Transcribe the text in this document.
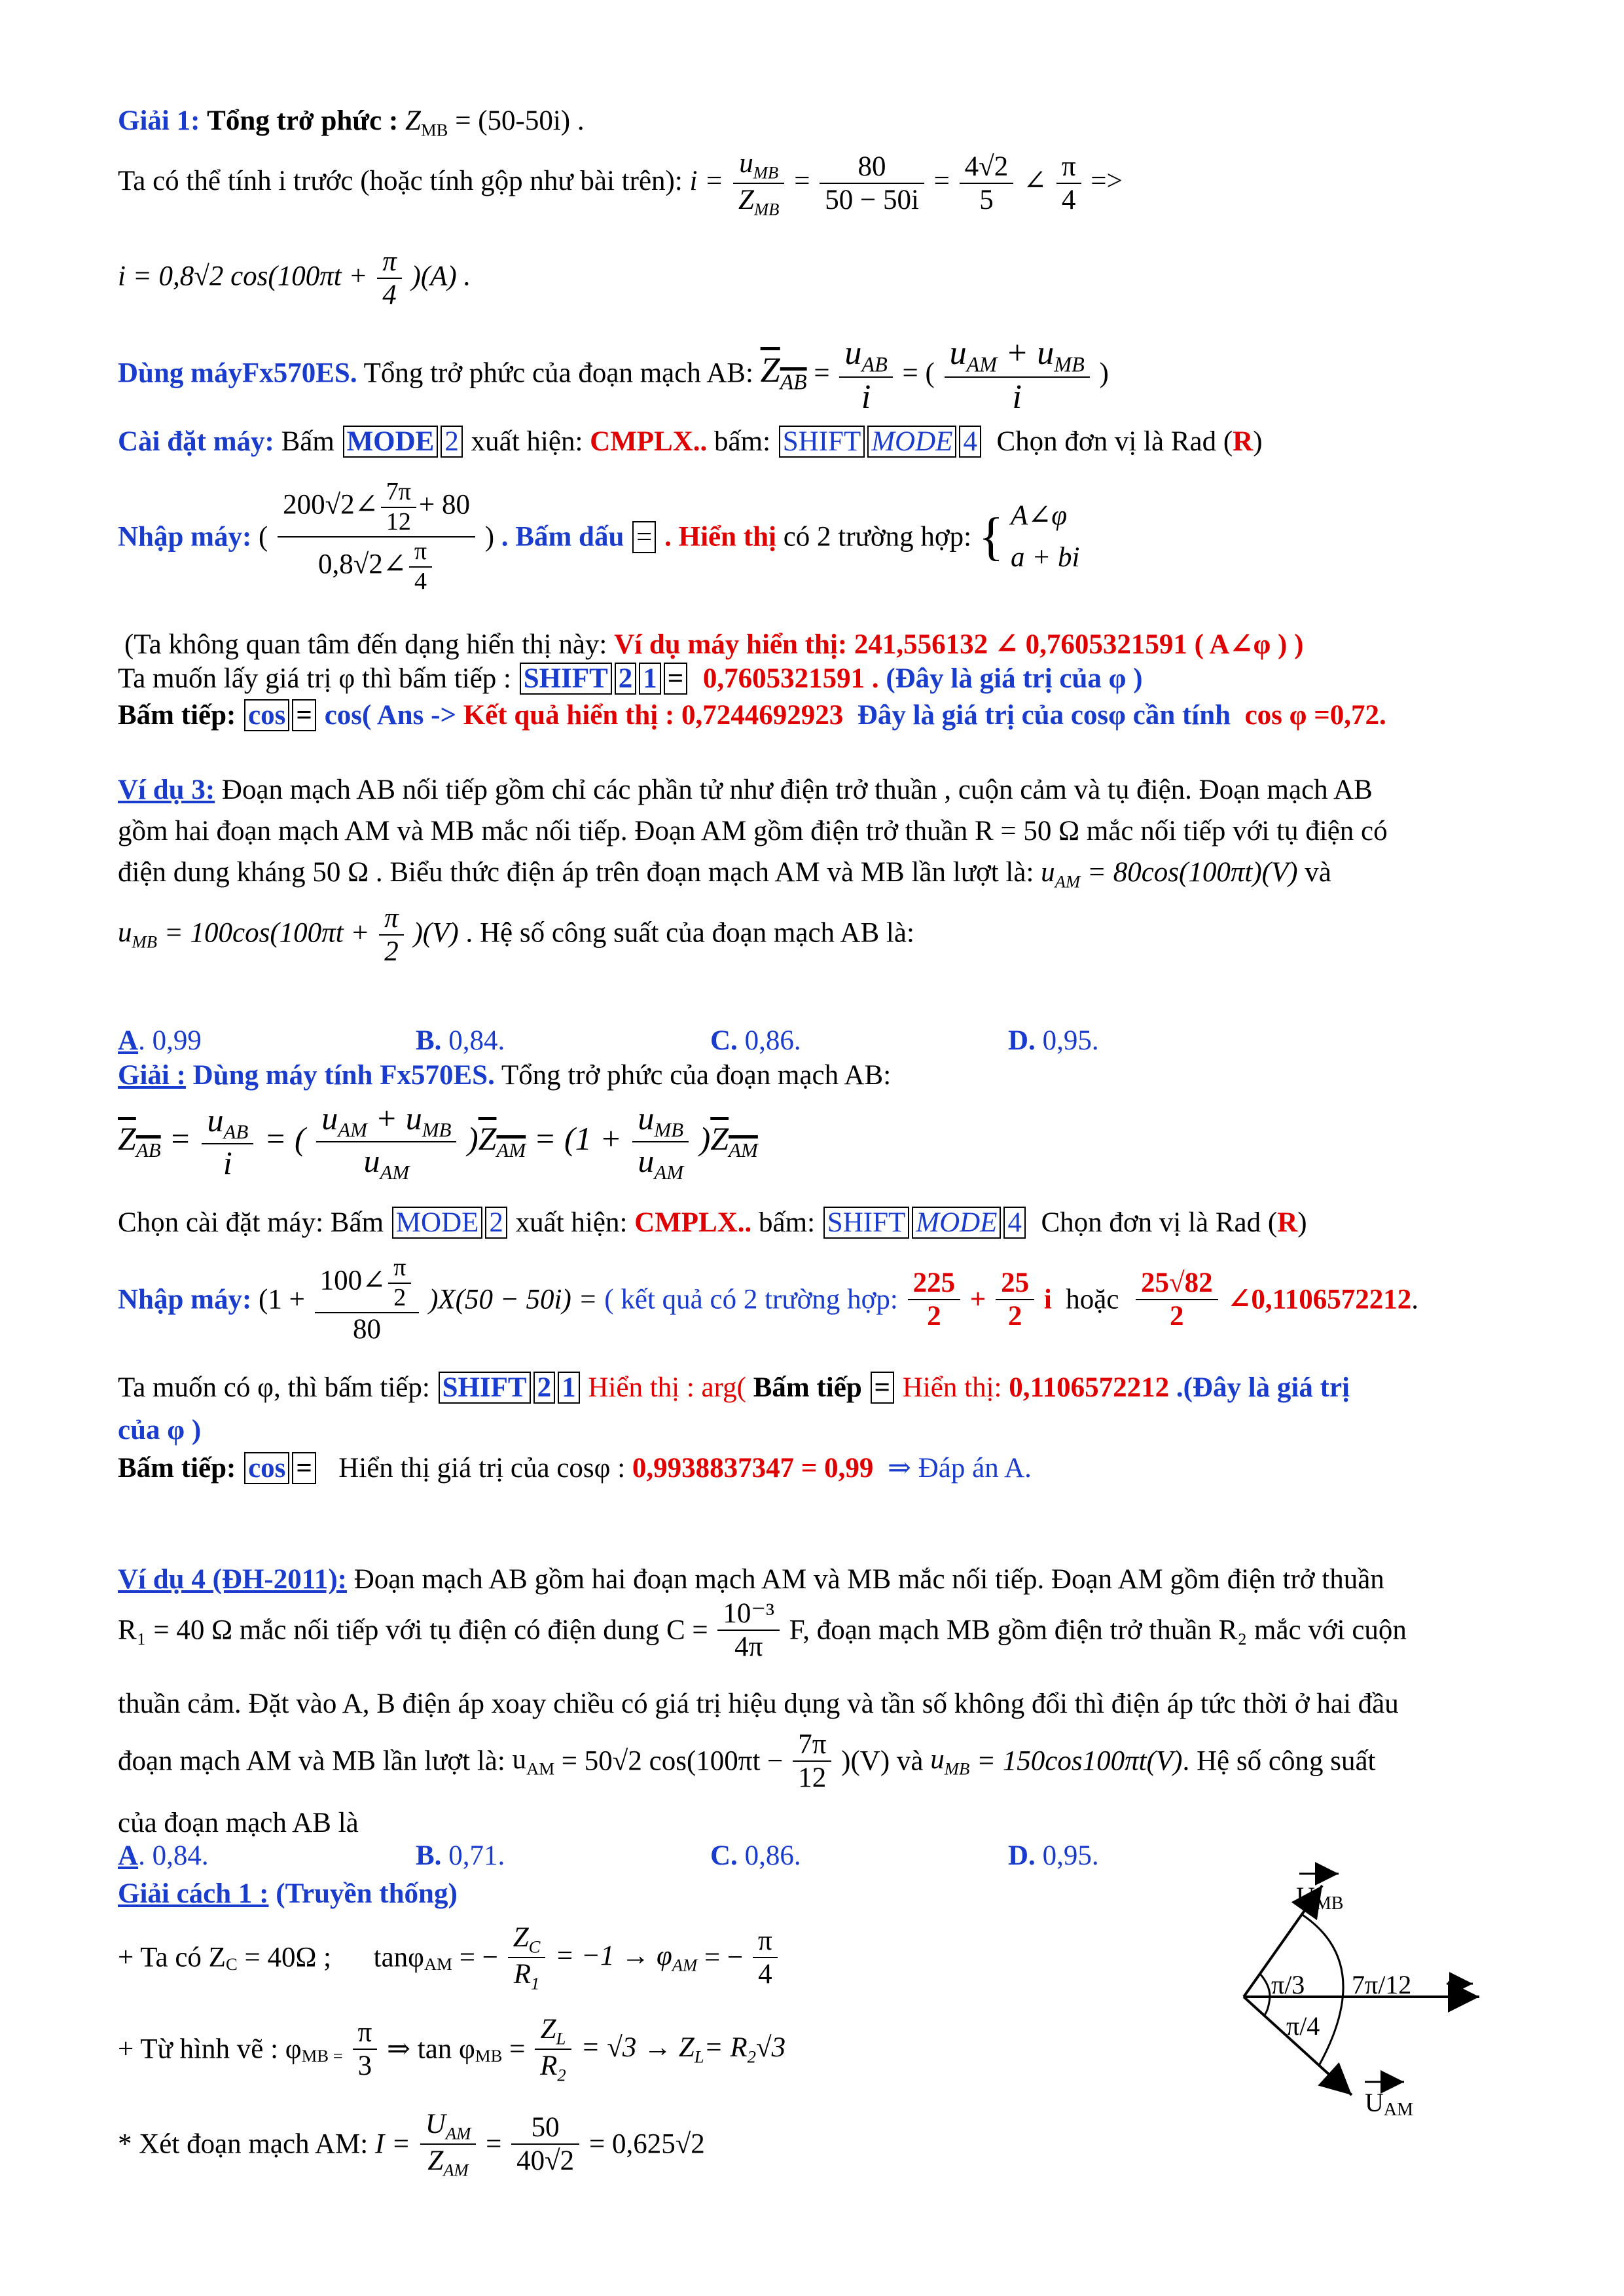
Giải 1: Tổng trở phức : $Z_{MB} = (50-50i)$ .
Ta có thể tính i trước (hoặc tính gộp như bài trên): $i = \frac{u_{MB}}{Z_{MB}} = \frac{80}{50 - 50i} = \frac{4√2}{5}$ ∠ $\frac{\pi}{4}$ =>
i = 0,8√2 $\cos(100\pi t + \frac{\pi}{4} )(A)$ .
Dùng máyFx570ES. Tổng trở phức của đoạn mạch AB: $Z_{AB} = \frac{u_{AB}}{i}$ = ( $\frac{u_{AM} + u_{MB}}{i}$ )
Cài đặt máy: Bấm MODE 2 xuất hiện: CMPLX.. bấm: SHIFT MODE 4 Chọn đơn vị là Rad (R)
Nhập máy: ( $\frac{200√2\angle \frac{7\pi}{12} + 80}{0,8√2\angle \frac{\pi}{4}}$ ) . Bấm dấu = . Hiển thị có 2 trường hợp: { A∠φ
a + bi
(Ta không quan tâm đến dạng hiển thị này: Ví dụ máy hiển thị: 241,556132 ∠ 0,7605321591 ( A∠φ ) )
Ta muốn lấy giá trị φ thì bấm tiếp : SHIFT 2 1 = 0,7605321591 . (Đây là giá trị của φ )
Bấm tiếp: cos = cos( Ans -> Kết quả hiển thị : 0,7244692923 Đây là giá trị của cosφ cần tính cos φ =0,72.
Ví dụ 3: Đoạn mạch AB nối tiếp gồm chỉ các phần tử như điện trở thuần , cuộn cảm và tụ điện. Đoạn mạch AB
gồm hai đoạn mạch AM và MB mắc nối tiếp. Đoạn AM gồm điện trở thuần R = 50 Ω mắc nối tiếp với tụ điện có
điện dung kháng 50 Ω . Biểu thức điện áp trên đoạn mạch AM và MB lần lượt là: $u_{AM} = 80\cos(100\pi t)(V)$ và
$u_{MB} = 100\cos(100\pi t + \frac{\pi}{2} )(V)$ . Hệ số công suất của đoạn mạch AB là:
A. 0,99	B. 0,84.	C. 0,86.	D. 0,95.
Giải : Dùng máy tính Fx570ES. Tổng trở phức của đoạn mạch AB:
$Z_{AB} = \frac{u_{AB}}{i}$ = ( $\frac{u_{AM} + u_{MB}}{u_{AM}} )Z_{AM} = (1 + \frac{u_{MB}}{u_{AM}} )Z_{AM}$
Chọn cài đặt máy: Bấm MODE 2 xuất hiện: CMPLX.. bấm: SHIFT MODE 4 Chọn đơn vị là Rad (R)
Nhập máy: $(1 + \frac{100\angle \frac{\pi}{2}}{80} )X(50 - 50i)$ = ( kết quả có 2 trường hợp: $\frac{225}{2} + \frac{25}{2}$ i hoặc $\frac{25√82}{2}$ ∠0,1106572212.
Ta muốn có φ, thì bấm tiếp: SHIFT 2 1 Hiển thị : arg( Bấm tiếp = Hiển thị: 0,1106572212 .(Đây là giá trị
của φ )
Bấm tiếp: cos = Hiển thị giá trị của cosφ : 0,9938837347 = 0,99 ⇒ Đáp án A.
Ví dụ 4 (ĐH-2011): Đoạn mạch AB gồm hai đoạn mạch AM và MB mắc nối tiếp. Đoạn AM gồm điện trở thuần
R₁ = 40 Ω mắc nối tiếp với tụ điện có điện dung $C = \frac{\text{10⁻³}}{4\pi} F$, đoạn mạch MB gồm điện trở thuần R₂ mắc với cuộn
thuần cảm. Đặt vào A, B điện áp xoay chiều có giá trị hiệu dụng và tần số không đổi thì điện áp tức thời ở hai đầu
đoạn mạch AM và MB lần lượt là: $u_{AM} = 50√2$ $\cos(100\pi t - \frac{7\pi}{12} )(V)$ và $u_{MB} = 150\cos 100\pi t(V)$. Hệ số công suất
của đoạn mạch AB là
A. 0,84.	B. 0,71.	C. 0,86.	D. 0,95.
Giải cách 1 : (Truyền thống)
+ Ta có $Z_C = 40\Omega$ ; tanφ$_{AM}$ = − $\frac{Z_C}{R_1} = -1 \to \varphi_{AM}$ = − $\frac{\pi}{4}$
+ Từ hình vẽ : $\varphi_{MB =} \frac{\pi}{3}$ ⇒ $\tan \varphi_{MB} = \frac{Z_L}{R_2} = √3 \to Z_L= R_2√3$
* Xét đoạn mạch AM: $I = \frac{U_{AM}}{Z_{AM}} = \frac{50}{40√2} = 0,625√2$
UMB
π/3 7π/12 I
π/4
UAM
